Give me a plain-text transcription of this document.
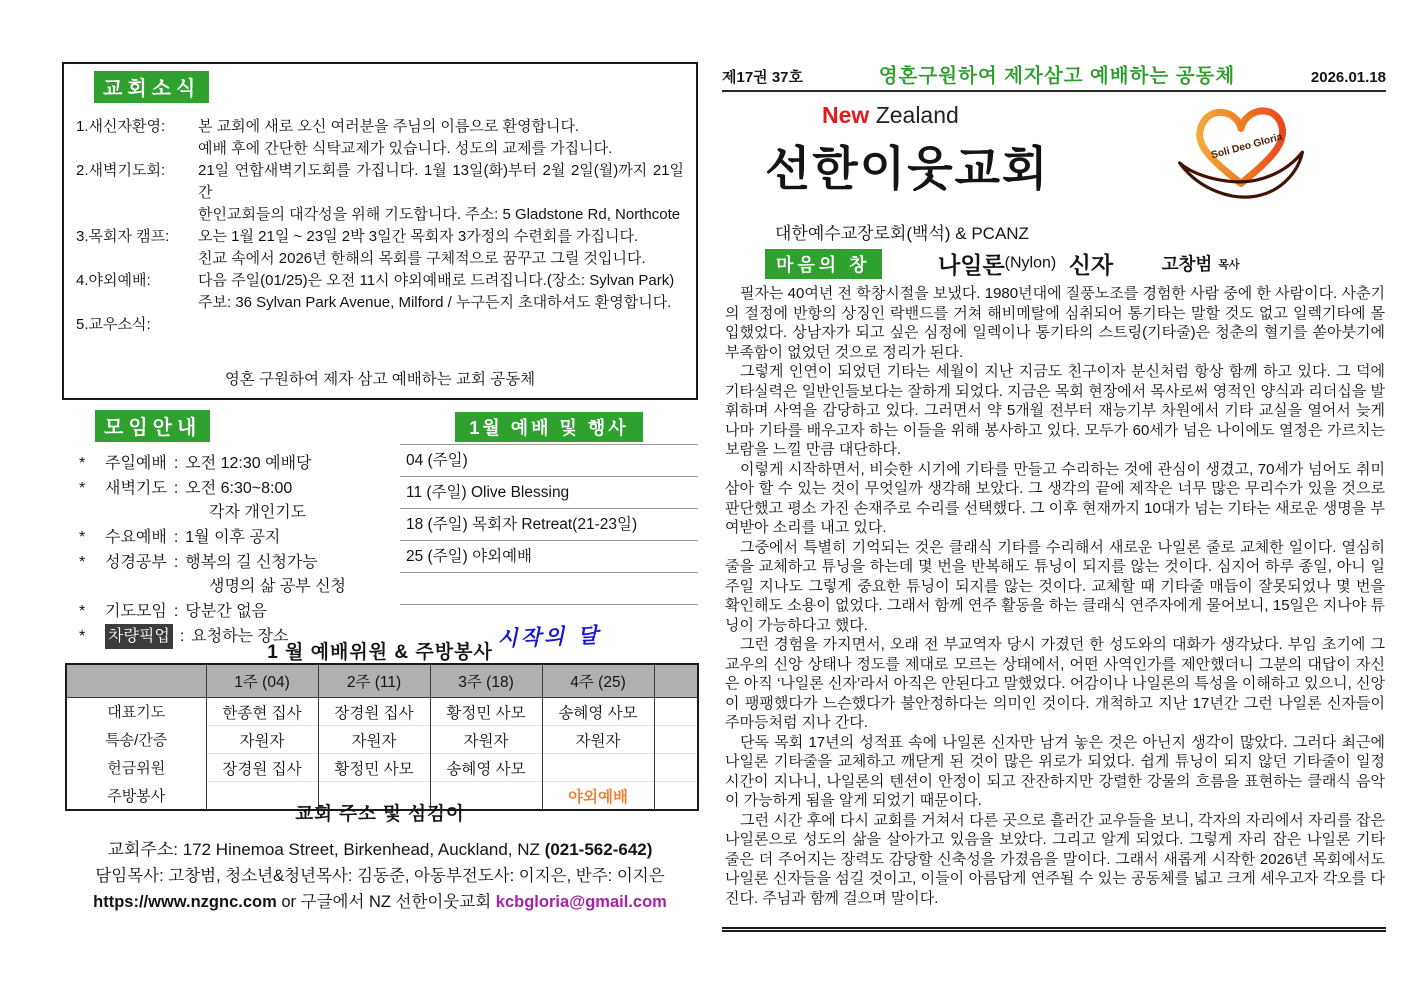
교회소식
1.새신자환영:	본 교회에 새로 오신 여러분을 주님의 이름으로 환영합니다.
예배 후에 간단한 식탁교제가 있습니다. 성도의 교제를 가집니다.
2.새벽기도회:	21일 연합새벽기도회를 가집니다. 1월 13일(화)부터 2월 2일(월)까지 21일간
한인교회들의 대각성을 위해 기도합니다. 주소: 5 Gladstone Rd, Northcote
3.목회자 캠프:	오는 1월 21일 ~ 23일 2박 3일간 목회자 3가정의 수련회를 가집니다.
친교 속에서 2026년 한해의 목회를 구체적으로 꿈꾸고 그릴 것입니다.
4.야외예배:	다음 주일(01/25)은 오전 11시 야외예배로 드려집니다.(장소: Sylvan Park)
주보: 36 Sylvan Park Avenue, Milford / 누구든지 초대하셔도 환영합니다.
5.교우소식:
영혼 구원하여 제자 삼고 예배하는 교회 공동체
모임안내
*	주일예배 : 오전 12:30 예배당
*	새벽기도 : 오전 6:30~8:00
각자 개인기도
*	수요예배 : 1월 이후 공지
*	성경공부 : 행복의 길 신청가능
생명의 삶 공부 신청
*	기도모임 : 당분간 없음
*	차량픽업 : 요청하는 장소
1월 예배 및 행사
04 (주일)
11 (주일) Olive Blessing
18 (주일) 목회자 Retreat(21-23일)
25 (주일) 야외예배
시작의 달
1 월 예배위원 & 주방봉사
	1주 (04)	2주 (11)	3주 (18)	4주 (25)	
대표기도	한종현 집사	장경원 집사	황정민 사모	송혜영 사모	
특송/간증	자원자	자원자	자원자	자원자	
헌금위원	장경원 집사	황정민 사모	송혜영 사모		
주방봉사				야외예배	
교회 주소 및 섬김이
교회주소: 172 Hinemoa Street, Birkenhead, Auckland, NZ (021-562-642)
담임목사: 고창범, 청소년&청년목사: 김동준, 아동부전도사: 이지은, 반주: 이지은
https://www.nzgnc.com or 구글에서 NZ 선한이웃교회 kcbgloria@gmail.com
제17권 37호	영혼구원하여 제자삼고 예배하는 공동체	2026.01.18
New Zealand
선한이웃교회	Soli Deo Gloria
대한예수교장로회(백석) & PCANZ
마음의 창	나일론(Nylon) 신자	고창범 목사

필자는 40여년 전 학창시절을 보냈다. 1980년대에 질풍노조를 경험한 사람 중에 한 사람이다. 사춘기의 절정에 반항의 상징인 락밴드를 거쳐 해비메탈에 심취되어 통기타는 말할 것도 없고 일렉기타에 몰입했었다. 상남자가 되고 싶은 심정에 일렉이나 통기타의 스트링(기타줄)은 청춘의 혈기를 쏟아붓기에 부족함이 없었던 것으로 정리가 된다.

그렇게 인연이 되었던 기타는 세월이 지난 지금도 친구이자 분신처럼 항상 함께 하고 있다. 그 덕에 기타실력은 일반인들보다는 잘하게 되었다. 지금은 목회 현장에서 목사로써 영적인 양식과 리더십을 발휘하며 사역을 감당하고 있다. 그러면서 약 5개월 전부터 재능기부 차원에서 기타 교실을 열어서 늦게나마 기타를 배우고자 하는 이들을 위해 봉사하고 있다. 모두가 60세가 넘은 나이에도 열정은 가르치는 보람을 느낄 만큼 대단하다.

이렇게 시작하면서, 비슷한 시기에 기타를 만들고 수리하는 것에 관심이 생겼고, 70세가 넘어도 취미 삼아 할 수 있는 것이 무엇일까 생각해 보았다. 그 생각의 끝에 제작은 너무 많은 무리수가 있을 것으로 판단했고 평소 가진 손재주로 수리를 선택했다. 그 이후 현재까지 10대가 넘는 기타는 새로운 생명을 부여받아 소리를 내고 있다.

그중에서 특별히 기억되는 것은 클래식 기타를 수리해서 새로운 나일론 줄로 교체한 일이다. 열심히 줄을 교체하고 튜닝을 하는데 몇 번을 반복해도 튜닝이 되지를 않는 것이다. 심지어 하루 종일, 아니 일주일 지나도 그렇게 중요한 튜닝이 되지를 않는 것이다. 교체할 때 기타줄 매듭이 잘못되었나 몇 번을 확인해도 소용이 없었다. 그래서 함께 연주 활동을 하는 클래식 연주자에게 물어보니, 15일은 지나야 튜닝이 가능하다고 했다.

그런 경험을 가지면서, 오래 전 부교역자 당시 가졌던 한 성도와의 대화가 생각났다. 부임 초기에 그 교우의 신앙 상태나 정도를 제대로 모르는 상태에서, 어떤 사역인가를 제안했더니 그분의 대답이 자신은 아직 ‘나일론 신자’라서 아직은 안된다고 말했었다. 어감이나 나일론의 특성을 이해하고 있으니, 신앙이 팽팽했다가 느슨했다가 불안정하다는 의미인 것이다. 개척하고 지난 17년간 그런 나일론 신자들이 주마등처럼 지나 간다.

단독 목회 17년의 성적표 속에 나일론 신자만 남겨 놓은 것은 아닌지 생각이 많았다. 그러다 최근에 나일론 기타줄을 교체하고 깨닫게 된 것이 많은 위로가 되었다. 쉽게 튜닝이 되지 않던 기타줄이 일정 시간이 지나니, 나일론의 텐션이 안정이 되고 잔잔하지만 강렬한 강물의 흐름을 표현하는 클래식 음악이 가능하게 됨을 알게 되었기 때문이다.

그런 시간 후에 다시 교회를 거쳐서 다른 곳으로 흘러간 교우들을 보니, 각자의 자리에서 자리를 잡은 나일론으로 성도의 삶을 살아가고 있음을 보았다. 그리고 알게 되었다. 그렇게 자리 잡은 나일론 기타 줄은 더 주어지는 장력도 감당할 신축성을 가졌음을 말이다. 그래서 새롭게 시작한 2026년 목회에서도 나일론 신자들을 섬길 것이고, 이들이 아름답게 연주될 수 있는 공동체를 넓고 크게 세우고자 각오를 다진다. 주님과 함께 걸으며 말이다.
